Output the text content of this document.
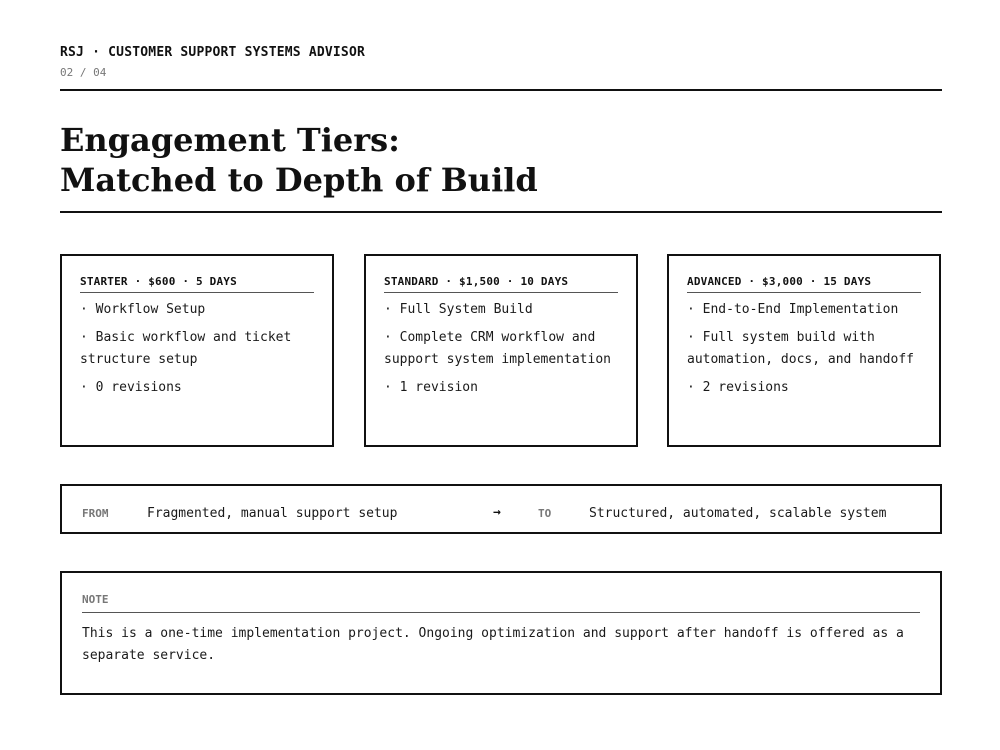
RSJ · CUSTOMER SUPPORT SYSTEMS ADVISOR
02 / 04
Engagement Tiers:
Matched to Depth of Build
STARTER · $600 · 5 DAYS
· Workflow Setup
· Basic workflow and ticket structure setup
· 0 revisions
STANDARD · $1,500 · 10 DAYS
· Full System Build
· Complete CRM workflow and support system implementation
· 1 revision
ADVANCED · $3,000 · 15 DAYS
· End-to-End Implementation
· Full system build with automation, docs, and handoff
· 2 revisions
FROM	Fragmented, manual support setup	→	TO	Structured, automated, scalable system
NOTE
This is a one-time implementation project. Ongoing optimization and support after handoff is offered as a separate service.
